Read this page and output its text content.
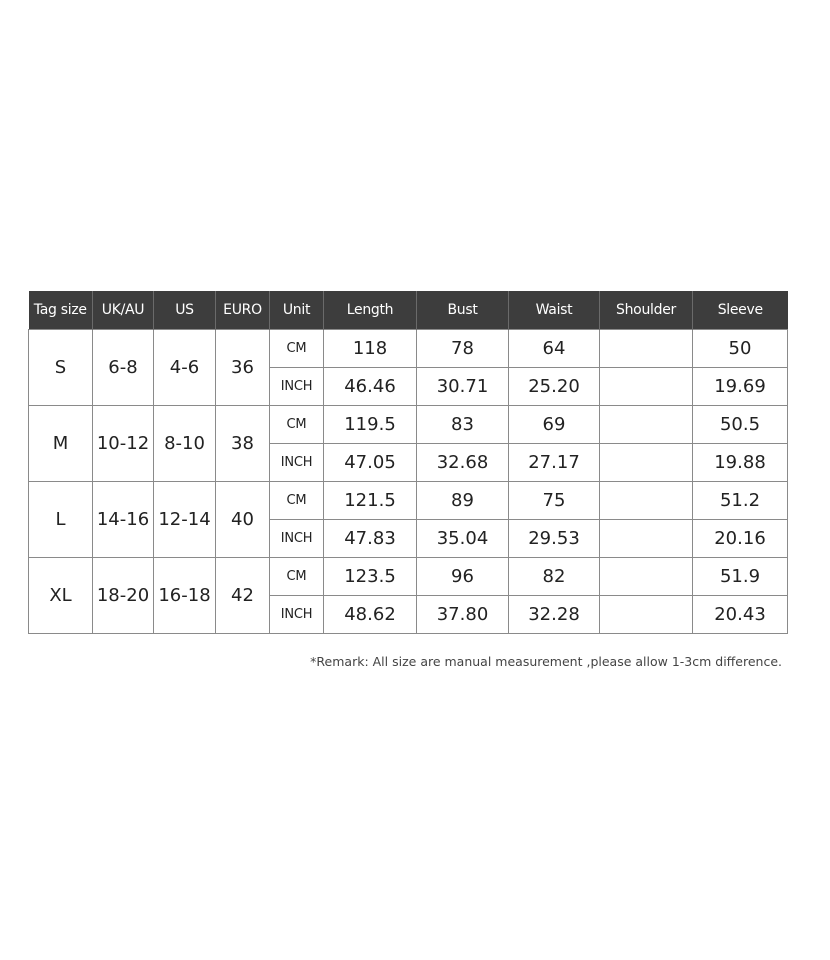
Tag size	UK/AU	US	EURO	Unit	Length	Bust	Waist	Shoulder	Sleeve
S	6-8	4-6	36	CM	118	78	64		50
				INCH	46.46	30.71	25.20		19.69
M	10-12	8-10	38	CM	119.5	83	69		50.5
				INCH	47.05	32.68	27.17		19.88
L	14-16	12-14	40	CM	121.5	89	75		51.2
				INCH	47.83	35.04	29.53		20.16
XL	18-20	16-18	42	CM	123.5	96	82		51.9
				INCH	48.62	37.80	32.28		20.43
*Remark: All size are manual measurement ,please allow 1-3cm difference.
